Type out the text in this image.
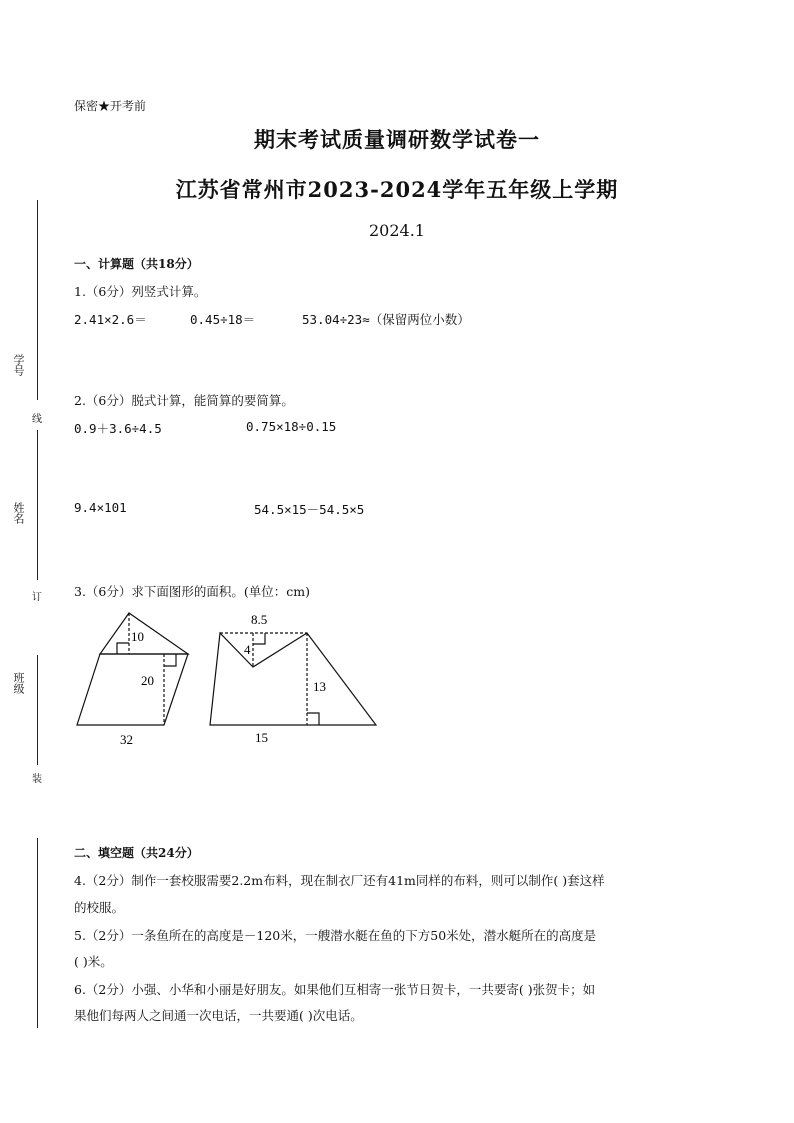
学号
姓名
班级
线
订
装
保密★开考前
期末考试质量调研数学试卷一
江苏省常州市2023-2024学年五年级上学期
2024.1
一、计算题（共18分）
1.（6分）列竖式计算。
2.41×2.6＝	0.45÷18＝	53.04÷23≈（保留两位小数）
2.（6分）脱式计算，能简算的要简算。
0.9＋3.6÷4.5	0.75×18÷0.15
9.4×101	54.5×15－54.5×5
3.（6分）求下面图形的面积。(单位：cm)
10
20
32
8.5
4
13
15
二、填空题（共24分）
4.（2分）制作一套校服需要2.2m布料，现在制衣厂还有41m同样的布料，则可以制作( )套这样
的校服。
5.（2分）一条鱼所在的高度是－120米，一艘潜水艇在鱼的下方50米处，潜水艇所在的高度是
( )米。
6.（2分）小强、小华和小丽是好朋友。如果他们互相寄一张节日贺卡，一共要寄( )张贺卡；如
果他们每两人之间通一次电话，一共要通( )次电话。
